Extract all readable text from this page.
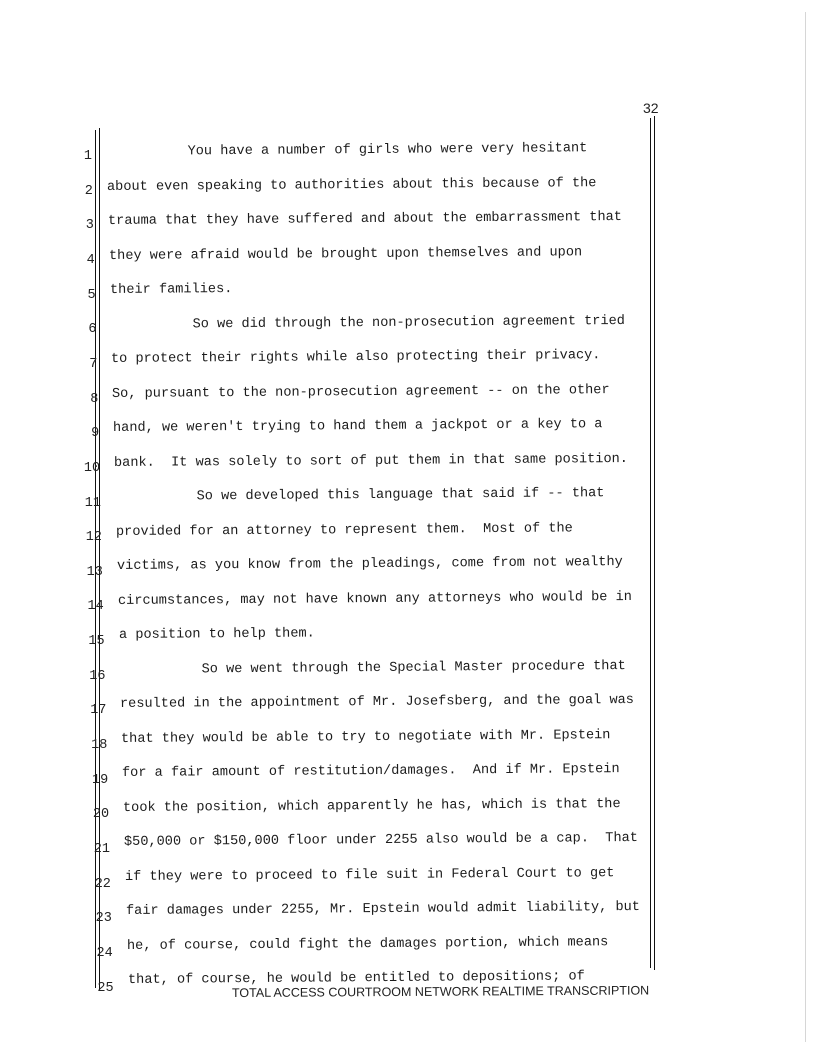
32
1 You have a number of girls who were very hesitant
2 about even speaking to authorities about this because of the
3 trauma that they have suffered and about the embarrassment that
4 they were afraid would be brought upon themselves and upon
5 their families.
6 So we did through the non-prosecution agreement tried
7 to protect their rights while also protecting their privacy.
8 So, pursuant to the non-prosecution agreement -- on the other
9 hand, we weren't trying to hand them a jackpot or a key to a
10 bank.  It was solely to sort of put them in that same position.
11 So we developed this language that said if -- that
12 provided for an attorney to represent them.  Most of the
13 victims, as you know from the pleadings, come from not wealthy
14 circumstances, may not have known any attorneys who would be in
15 a position to help them.
16 So we went through the Special Master procedure that
17 resulted in the appointment of Mr. Josefsberg, and the goal was
18 that they would be able to try to negotiate with Mr. Epstein
19 for a fair amount of restitution/damages.  And if Mr. Epstein
20 took the position, which apparently he has, which is that the
21 $50,000 or $150,000 floor under 2255 also would be a cap.  That
22 if they were to proceed to file suit in Federal Court to get
23 fair damages under 2255, Mr. Epstein would admit liability, but
24 he, of course, could fight the damages portion, which means
25
that, of course, he would be entitled to depositions; of
TOTAL ACCESS COURTROOM NETWORK REALTIME TRANSCRIPTION
